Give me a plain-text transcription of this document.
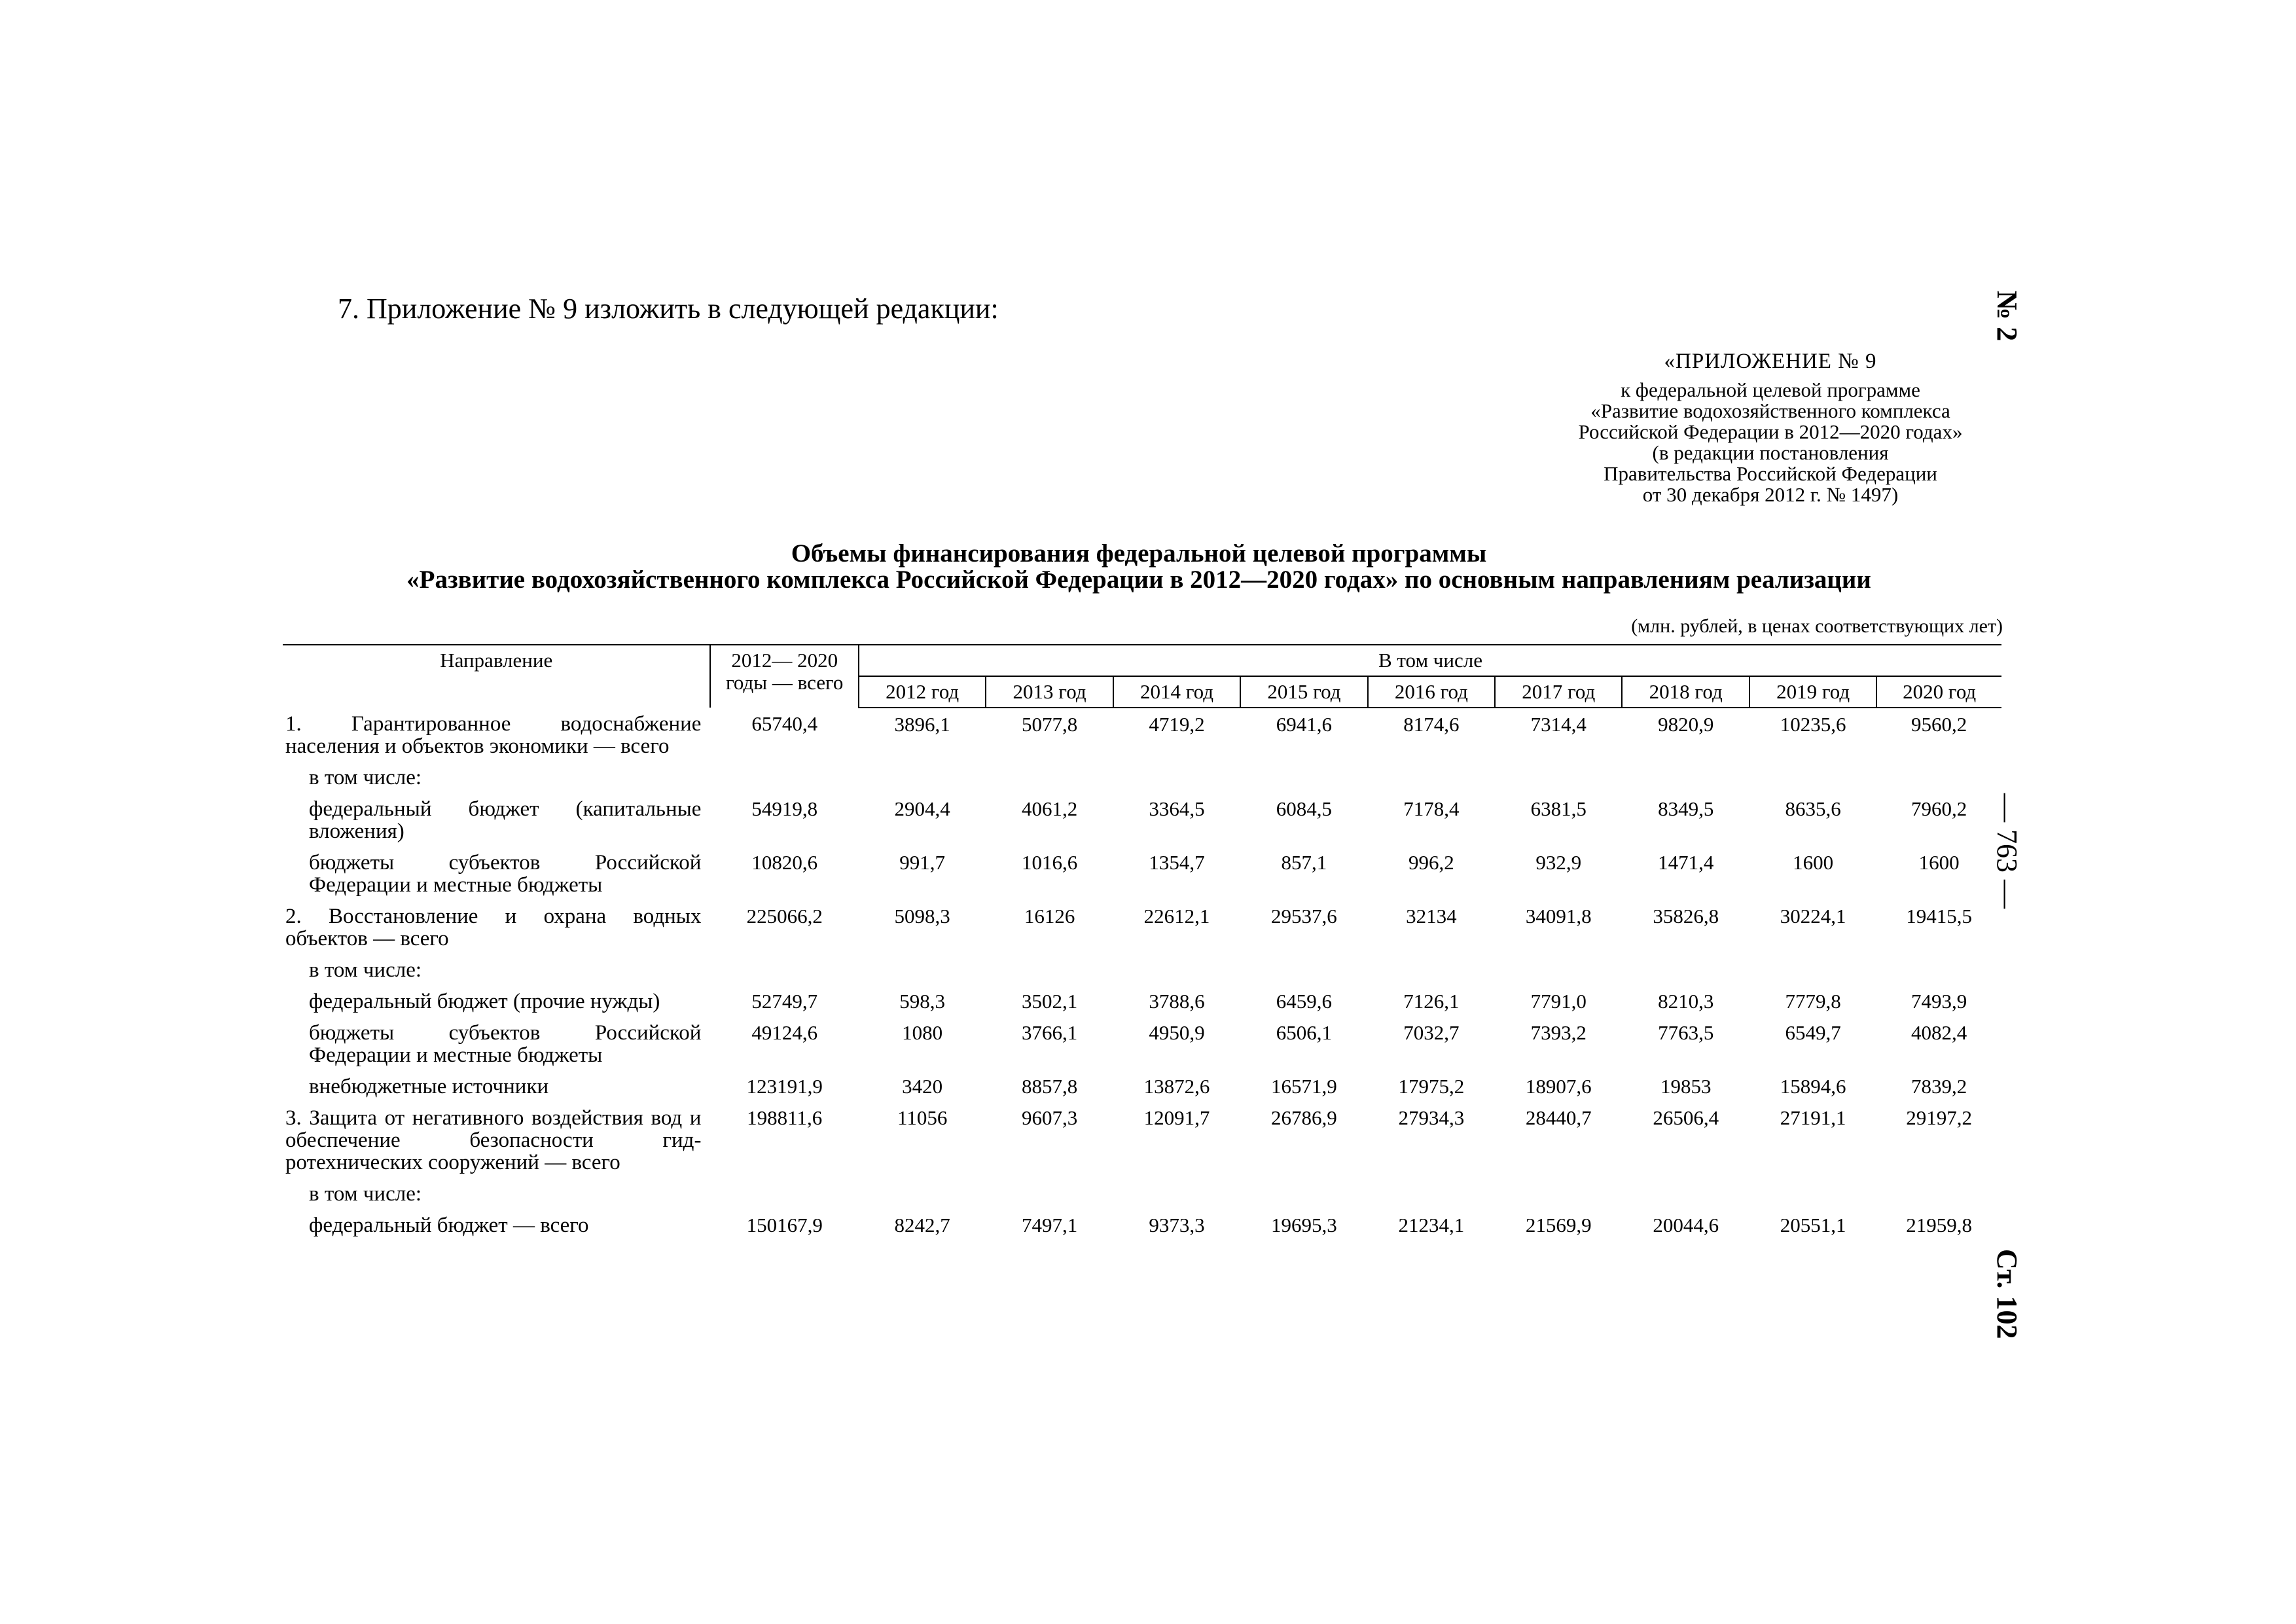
7. Приложение № 9 изложить в следующей редакции:
«ПРИЛОЖЕНИЕ № 9
к федеральной целевой программе
«Развитие водохозяйственного комплекса
Российской Федерации в 2012—2020 годах»
(в редакции постановления
Правительства Российской Федерации
от 30 декабря 2012 г. № 1497)
Объемы финансирования федеральной целевой программы
«Развитие водохозяйственного комплекса Российской Федерации в 2012—2020 годах» по основным направлениям реализации
(млн. рублей, в ценах соответствующих лет)
№ 2
— 763 —
Ст. 102
Направление	2012— 2020 годы — всего	В том числе								
		2012 год	2013 год	2014 год	2015 год	2016 год	2017 год	2018 год	2019 год	2020 год
1. Гарантированное водоснабжение населения и объектов экономики — всего	65740,4	3896,1	5077,8	4719,2	6941,6	8174,6	7314,4	9820,9	10235,6	9560,2
в том числе:										
федеральный бюджет (капитальные вложения)	54919,8	2904,4	4061,2	3364,5	6084,5	7178,4	6381,5	8349,5	8635,6	7960,2
бюджеты субъектов Российской Федерации и местные бюджеты	10820,6	991,7	1016,6	1354,7	857,1	996,2	932,9	1471,4	1600	1600
2. Восстановление и охрана водных объектов — всего	225066,2	5098,3	16126	22612,1	29537,6	32134	34091,8	35826,8	30224,1	19415,5
в том числе:										
федеральный бюджет (прочие нужды)	52749,7	598,3	3502,1	3788,6	6459,6	7126,1	7791,0	8210,3	7779,8	7493,9
бюджеты субъектов Российской Федерации и местные бюджеты	49124,6	1080	3766,1	4950,9	6506,1	7032,7	7393,2	7763,5	6549,7	4082,4
внебюджетные источники	123191,9	3420	8857,8	13872,6	16571,9	17975,2	18907,6	19853	15894,6	7839,2
3. Защита от негативного воздействия вод и обеспечение безопасности гид-ротехнических сооружений — всего	198811,6	11056	9607,3	12091,7	26786,9	27934,3	28440,7	26506,4	27191,1	29197,2
в том числе:										
федеральный бюджет — всего	150167,9	8242,7	7497,1	9373,3	19695,3	21234,1	21569,9	20044,6	20551,1	21959,8
